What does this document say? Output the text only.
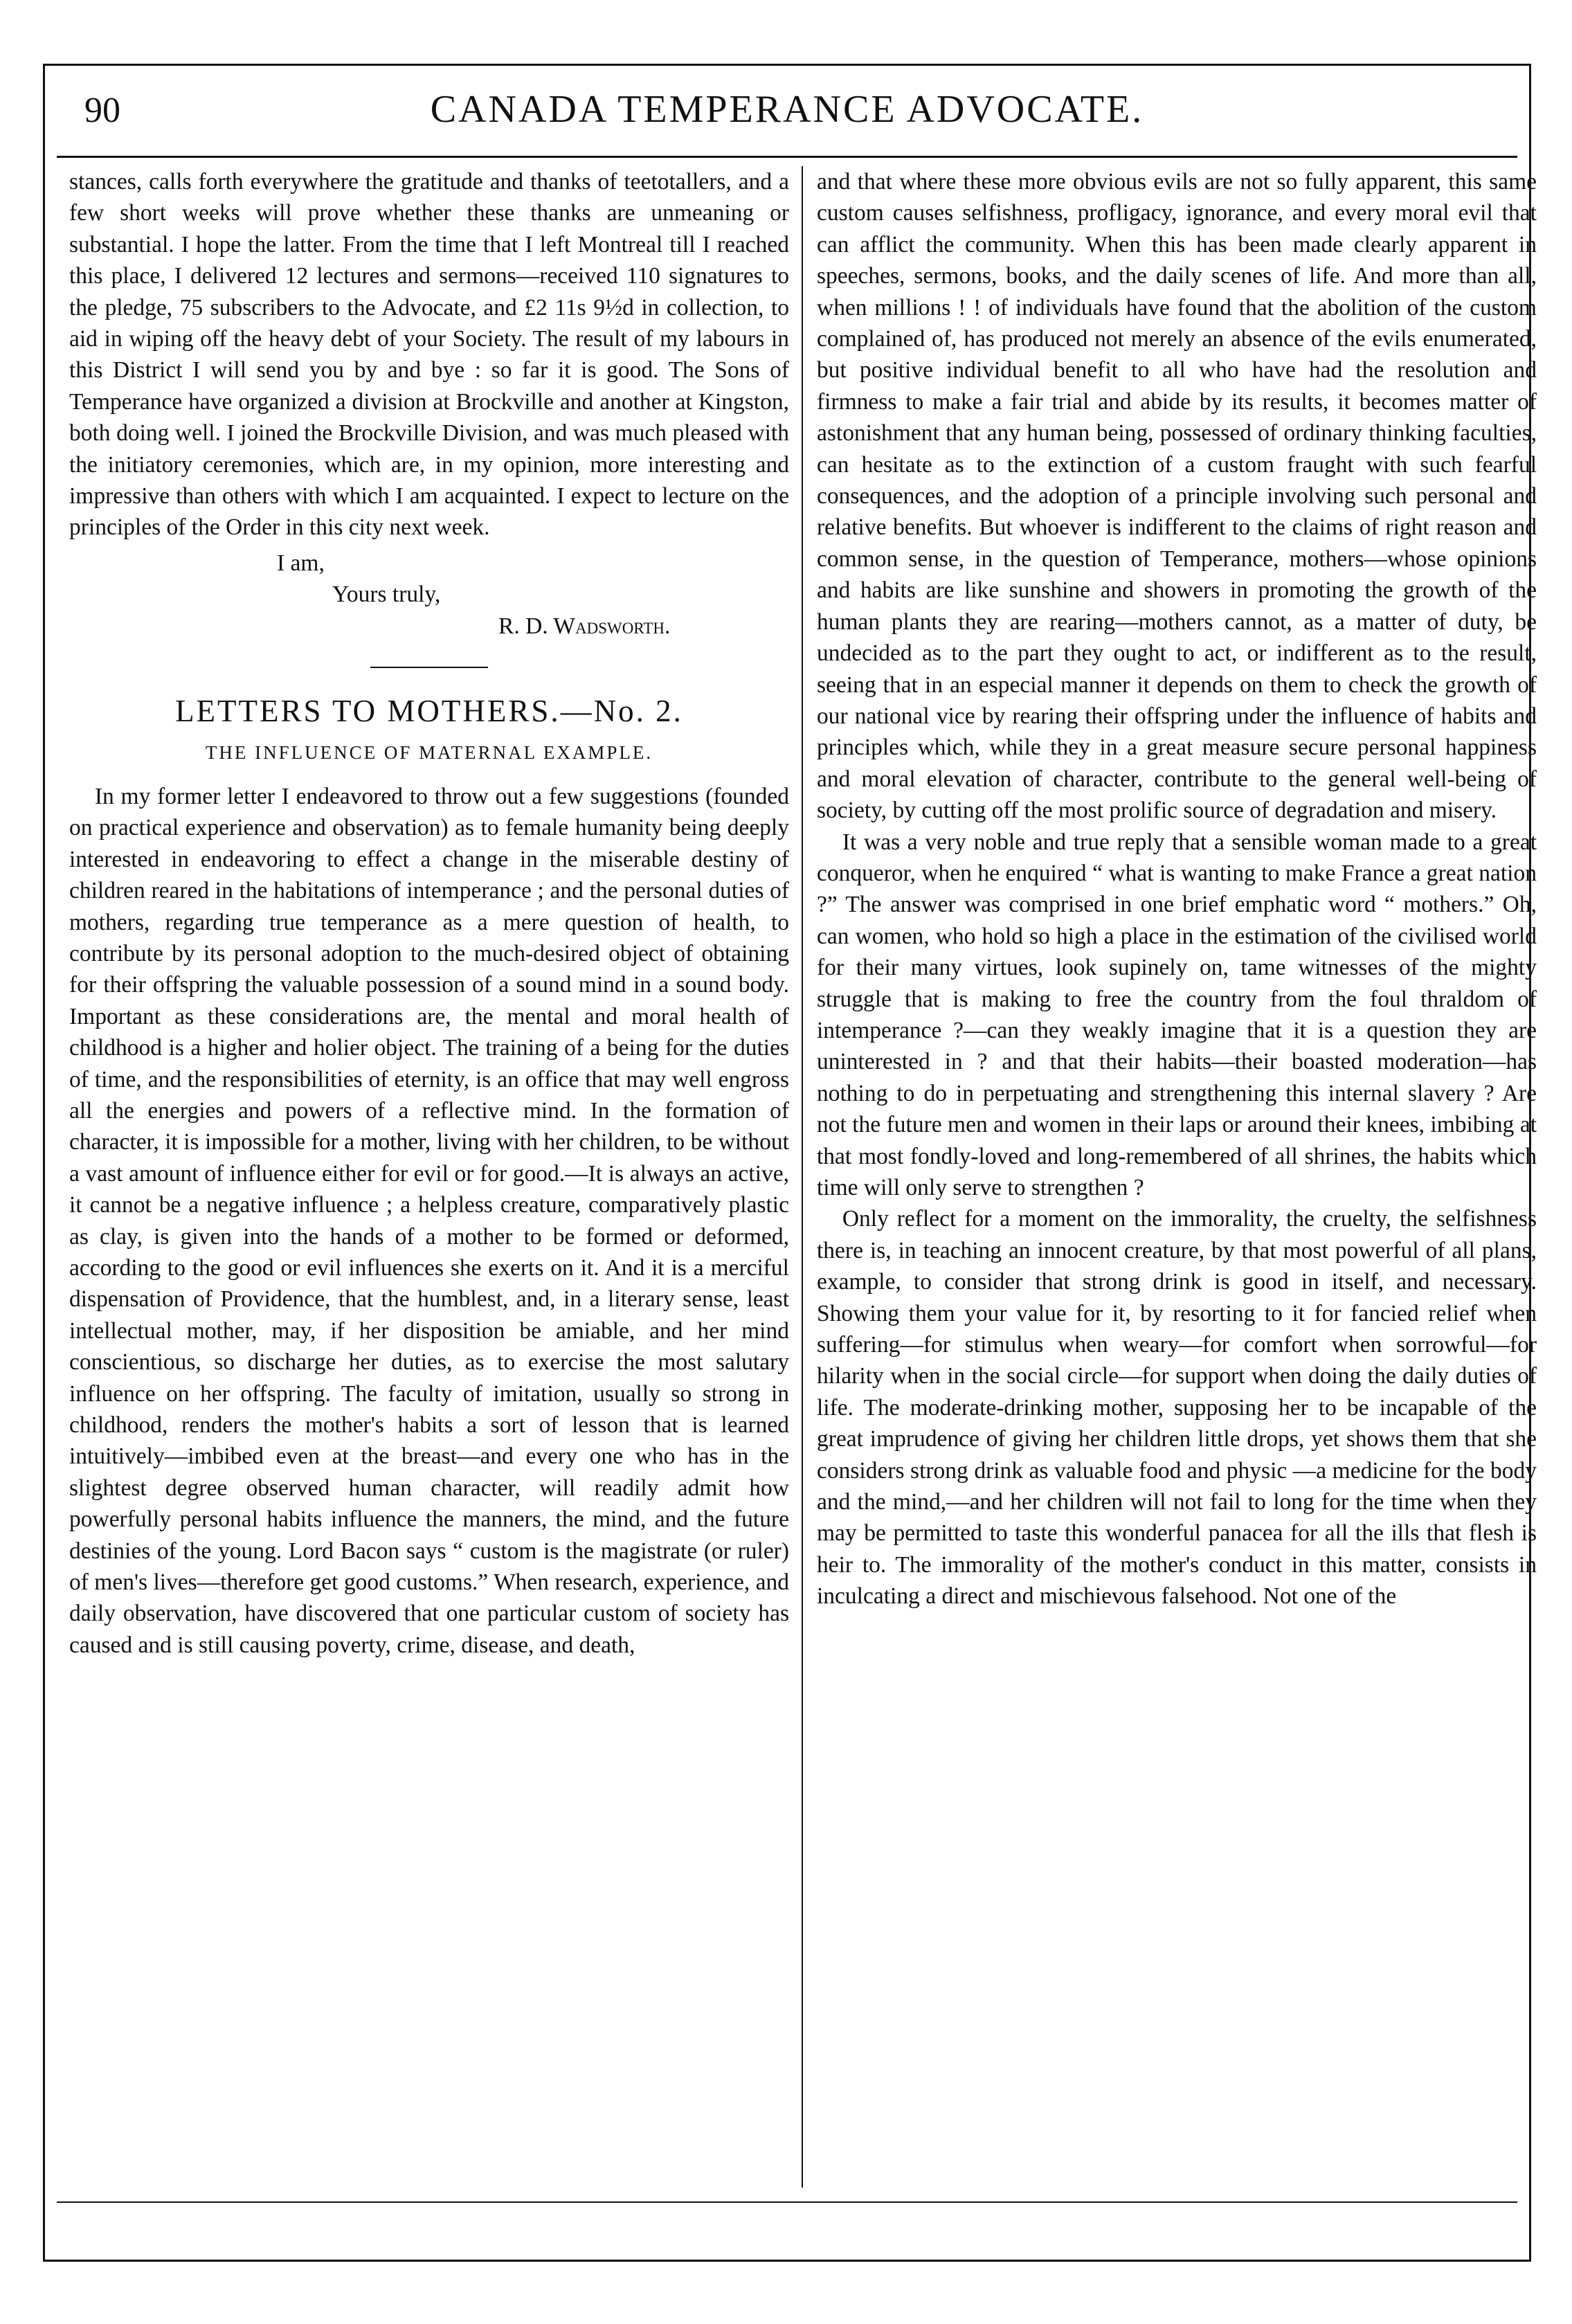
90	CANADA TEMPERANCE ADVOCATE.

stances, calls forth everywhere the gratitude and thanks of teetotallers, and a few short weeks will prove whether these thanks are unmeaning or substantial. I hope the latter. From the time that I left Montreal till I reached this place, I delivered 12 lectures and sermons—received 110 signatures to the pledge, 75 subscribers to the Advocate, and £2 11s 9½d in collection, to aid in wiping off the heavy debt of your Society. The result of my labours in this District I will send you by and bye : so far it is good. The Sons of Temperance have organized a division at Brockville and another at Kingston, both doing well. I joined the Brockville Division, and was much pleased with the initiatory ceremonies, which are, in my opinion, more interesting and impressive than others with which I am acquainted. I expect to lecture on the principles of the Order in this city next week.

I am,
Yours truly,
R. D. Wadsworth.
LETTERS TO MOTHERS.—No. 2.
THE INFLUENCE OF MATERNAL EXAMPLE.

In my former letter I endeavored to throw out a few suggestions (founded on practical experience and observation) as to female humanity being deeply interested in endeavoring to effect a change in the miserable destiny of children reared in the habitations of intemperance ; and the personal duties of mothers, regarding true temperance as a mere question of health, to contribute by its personal adoption to the much-desired object of obtaining for their offspring the valuable possession of a sound mind in a sound body. Important as these considerations are, the mental and moral health of childhood is a higher and holier object. The training of a being for the duties of time, and the responsibilities of eternity, is an office that may well engross all the energies and powers of a reflective mind. In the formation of character, it is impossible for a mother, living with her children, to be without a vast amount of influence either for evil or for good.—It is always an active, it cannot be a negative influence ; a helpless creature, comparatively plastic as clay, is given into the hands of a mother to be formed or deformed, according to the good or evil influences she exerts on it. And it is a merciful dispensation of Providence, that the humblest, and, in a literary sense, least intellectual mother, may, if her disposition be amiable, and her mind conscientious, so discharge her duties, as to exercise the most salutary influence on her offspring. The faculty of imitation, usually so strong in childhood, renders the mother's habits a sort of lesson that is learned intuitively—imbibed even at the breast—and every one who has in the slightest degree observed human character, will readily admit how powerfully personal habits influence the manners, the mind, and the future destinies of the young. Lord Bacon says “ custom is the magistrate (or ruler) of men's lives—therefore get good customs.” When research, experience, and daily observation, have discovered that one particular custom of society has caused and is still causing poverty, crime, disease, and death,

and that where these more obvious evils are not so fully apparent, this same custom causes selfishness, profligacy, ignorance, and every moral evil that can afflict the community. When this has been made clearly apparent in speeches, sermons, books, and the daily scenes of life. And more than all, when millions ! ! of individuals have found that the abolition of the custom complained of, has produced not merely an absence of the evils enumerated, but positive individual benefit to all who have had the resolution and firmness to make a fair trial and abide by its results, it becomes matter of astonishment that any human being, possessed of ordinary thinking faculties, can hesitate as to the extinction of a custom fraught with such fearful consequences, and the adoption of a principle involving such personal and relative benefits. But whoever is indifferent to the claims of right reason and common sense, in the question of Temperance, mothers—whose opinions and habits are like sunshine and showers in promoting the growth of the human plants they are rearing—mothers cannot, as a matter of duty, be undecided as to the part they ought to act, or indifferent as to the result, seeing that in an especial manner it depends on them to check the growth of our national vice by rearing their offspring under the influence of habits and principles which, while they in a great measure secure personal happiness and moral elevation of character, contribute to the general well-being of society, by cutting off the most prolific source of degradation and misery.

It was a very noble and true reply that a sensible woman made to a great conqueror, when he enquired “ what is wanting to make France a great nation ?” The answer was comprised in one brief emphatic word “ mothers.” Oh, can women, who hold so high a place in the estimation of the civilised world for their many virtues, look supinely on, tame witnesses of the mighty struggle that is making to free the country from the foul thraldom of intemperance ?—can they weakly imagine that it is a question they are uninterested in ? and that their habits—their boasted moderation—has nothing to do in perpetuating and strengthening this internal slavery ? Are not the future men and women in their laps or around their knees, imbibing at that most fondly-loved and long-remembered of all shrines, the habits which time will only serve to strengthen ?

Only reflect for a moment on the immorality, the cruelty, the selfishness there is, in teaching an innocent creature, by that most powerful of all plans, example, to consider that strong drink is good in itself, and necessary. Showing them your value for it, by resorting to it for fancied relief when suffering—for stimulus when weary—for comfort when sorrowful—for hilarity when in the social circle—for support when doing the daily duties of life. The moderate-drinking mother, supposing her to be incapable of the great imprudence of giving her children little drops, yet shows them that she considers strong drink as valuable food and physic —a medicine for the body and the mind,—and her children will not fail to long for the time when they may be permitted to taste this wonderful panacea for all the ills that flesh is heir to. The immorality of the mother's conduct in this matter, consists in inculcating a direct and mischievous falsehood. Not one of the
